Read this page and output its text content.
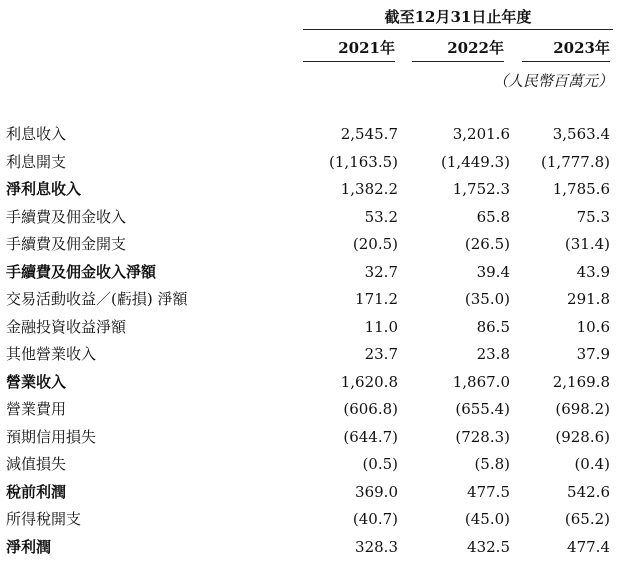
截至12月31日止年度
2021年	2022年	2023年
（人民幣百萬元）
利息收入	2,545.7	3,201.6	3,563.4
利息開支	(1,163.5)	(1,449.3)	(1,777.8)
淨利息收入	1,382.2	1,752.3	1,785.6
手續費及佣金收入	53.2	65.8	75.3
手續費及佣金開支	(20.5)	(26.5)	(31.4)
手續費及佣金收入淨額	32.7	39.4	43.9
交易活動收益／(虧損) 淨額	171.2	(35.0)	291.8
金融投資收益淨額	11.0	86.5	10.6
其他營業收入	23.7	23.8	37.9
營業收入	1,620.8	1,867.0	2,169.8
營業費用	(606.8)	(655.4)	(698.2)
預期信用損失	(644.7)	(728.3)	(928.6)
減值損失	(0.5)	(5.8)	(0.4)
稅前利潤	369.0	477.5	542.6
所得稅開支	(40.7)	(45.0)	(65.2)
淨利潤	328.3	432.5	477.4
